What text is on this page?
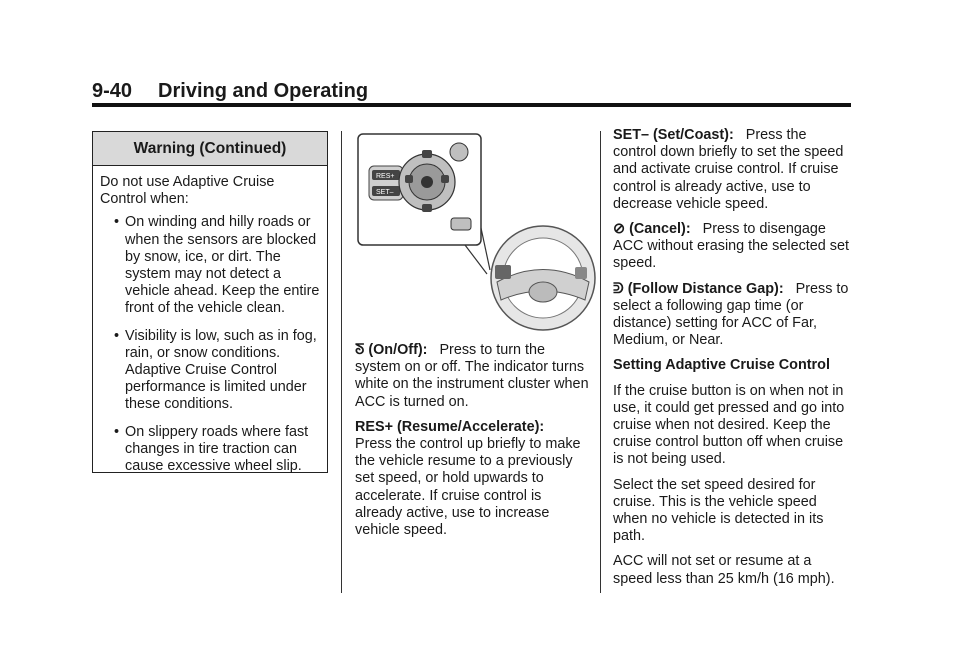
9-40 Driving and Operating
Warning (Continued)
Do not use Adaptive Cruise Control when:
• On winding and hilly roads or when the sensors are blocked by snow, ice, or dirt. The system may not detect a vehicle ahead. Keep the entire front of the vehicle clean.
• Visibility is low, such as in fog, rain, or snow conditions. Adaptive Cruise Control performance is limited under these conditions.
• On slippery roads where fast changes in tire traction can cause excessive wheel slip.
RES+
SET–

ᘕ (On/Off): Press to turn the system on or off. The indicator turns white on the instrument cluster when ACC is turned on.

RES+ (Resume/Accelerate):
Press the control up briefly to make the vehicle resume to a previously set speed, or hold upwards to accelerate. If cruise control is already active, use to increase vehicle speed.

SET– (Set/Coast): Press the control down briefly to set the speed and activate cruise control. If cruise control is already active, use to decrease vehicle speed.

⊘ (Cancel): Press to disengage ACC without erasing the selected set speed.

ᕲ (Follow Distance Gap): Press to select a following gap time (or distance) setting for ACC of Far, Medium, or Near.

Setting Adaptive Cruise Control

If the cruise button is on when not in use, it could get pressed and go into cruise when not desired. Keep the cruise control button off when cruise is not being used.

Select the set speed desired for cruise. This is the vehicle speed when no vehicle is detected in its path.

ACC will not set or resume at a speed less than 25 km/h (16 mph).
